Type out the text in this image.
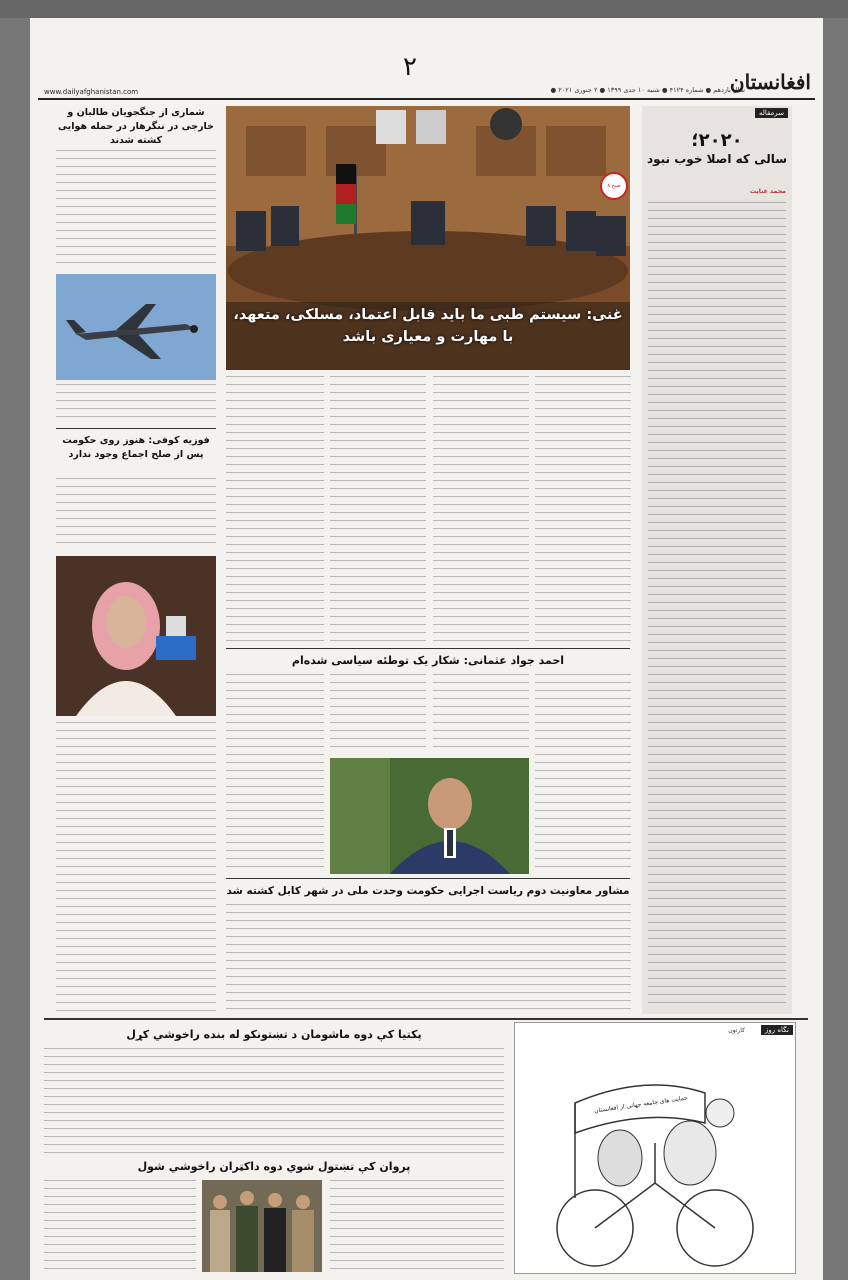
۲
www.dailyafghanistan.com	افغانستان
● سال یازدهم ● شماره ۴۱۲۴ ● شنبه ۱۰ جدی ۱۳۹۹ ● ۲ جنوری ۲۰۲۱
سرمقاله
۲۰۲۰؛
سالی که اصلا خوب نبود
محمد عنایت
غنی: سیستم طبی ما باید قابل اعتماد، مسلکی، متعهد، با مهارت و معیاری باشد
۸ صبح
شماری از جنگجویان طالبان و خارجی در ننگرهار در حمله هوایی کشته شدند
فوزیه کوفی: هنوز روی حکومت پس از صلح اجماع وجود ندارد
احمد جواد عثمانی: شکار یک توطئه سیاسی شده‌ام
مشاور معاونیت دوم ریاست اجرایی حکومت وحدت ملی در شهر کابل کشته شد
پکتیا کې دوه ماشومان د تښتونکو له بنده راخوشي کړل
پروان کې تښتول شوي دوه داکټران راخوشي شول
نگاه روز
کارتون
حمایت های جامعه جهانی از افغانستان
